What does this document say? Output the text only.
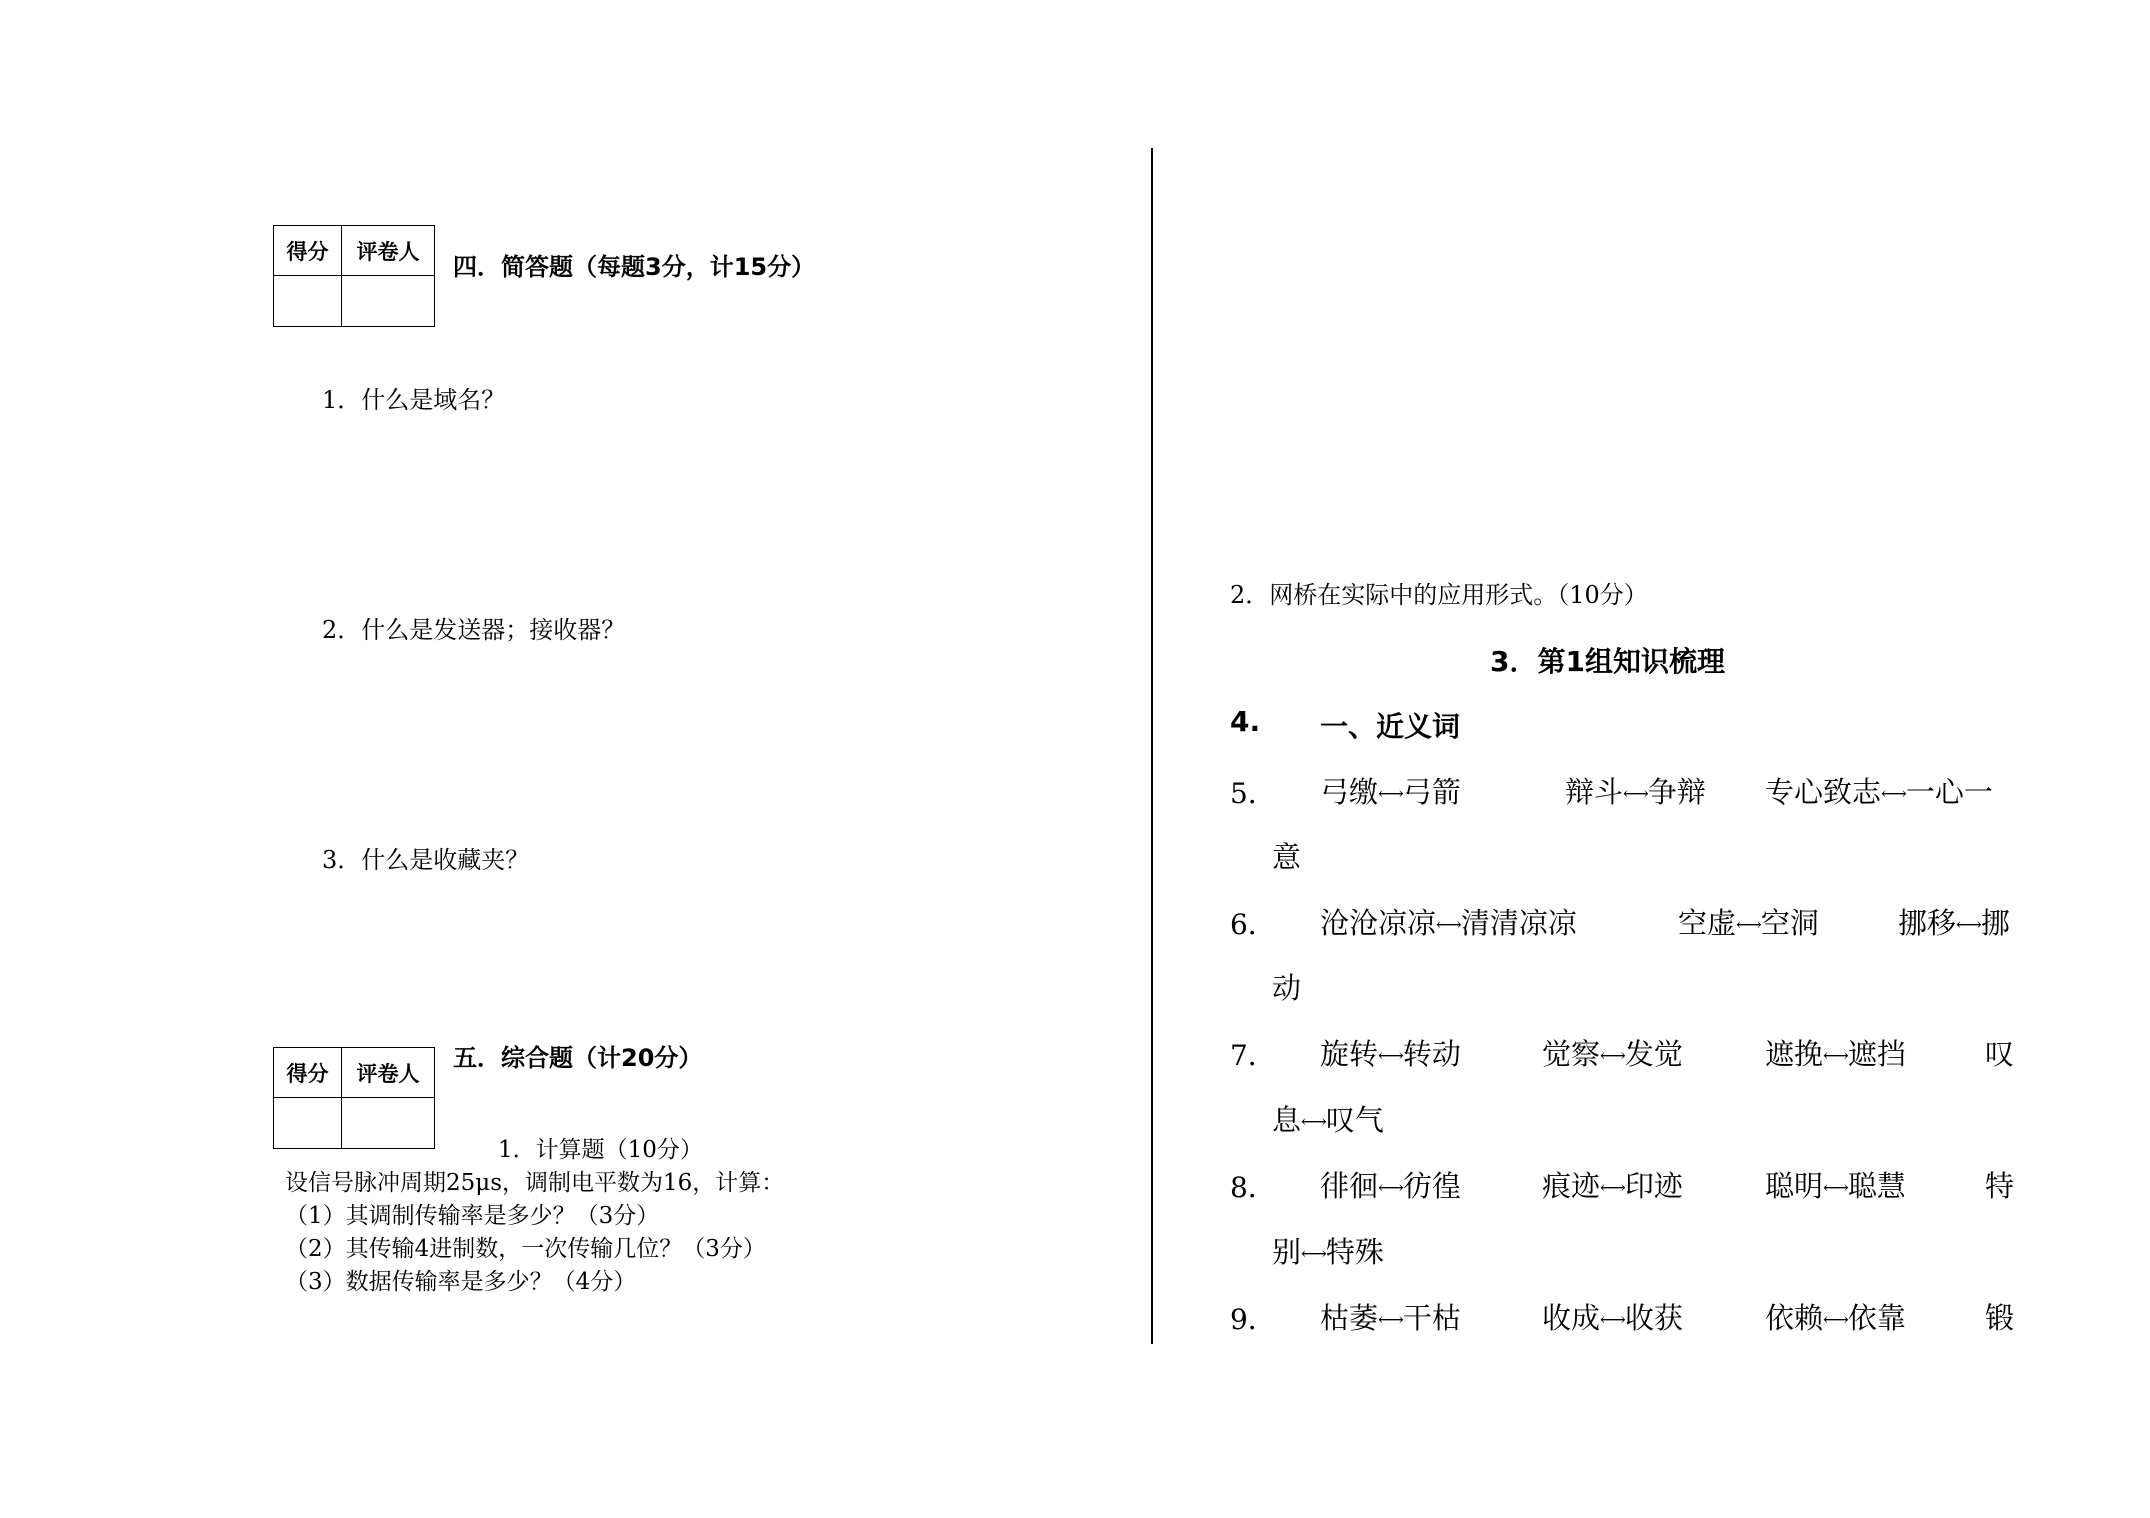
得分	评卷人

四．简答题（每题3分，计15分）
1．什么是域名？
2．什么是发送器；接收器？
3．什么是收藏夹？
得分	评卷人

五．综合题（计20分）
1．计算题（10分）
设信号脉冲周期25μs，调制电平数为16，计算：
（1）其调制传输率是多少？（3分）
（2）其传输4进制数，一次传输几位？（3分）
（3）数据传输率是多少？（4分）
2．网桥在实际中的应用形式。（10分）
3．第1组知识梳理
4. 一、近义词
5． 弓缴⟷弓箭	辩斗⟷争辩 专心致志⟷一心一
意
6． 沧沧凉凉⟷清清凉凉	空虚⟷空洞	挪移⟷挪
动
7． 旋转⟷转动	觉察⟷发觉	遮挽⟷遮挡	叹
息⟷叹气
8． 徘徊⟷彷徨	痕迹⟷印迹	聪明⟷聪慧	特
别⟷特殊
9． 枯萎⟷干枯	收成⟷收获	依赖⟷依靠	锻
